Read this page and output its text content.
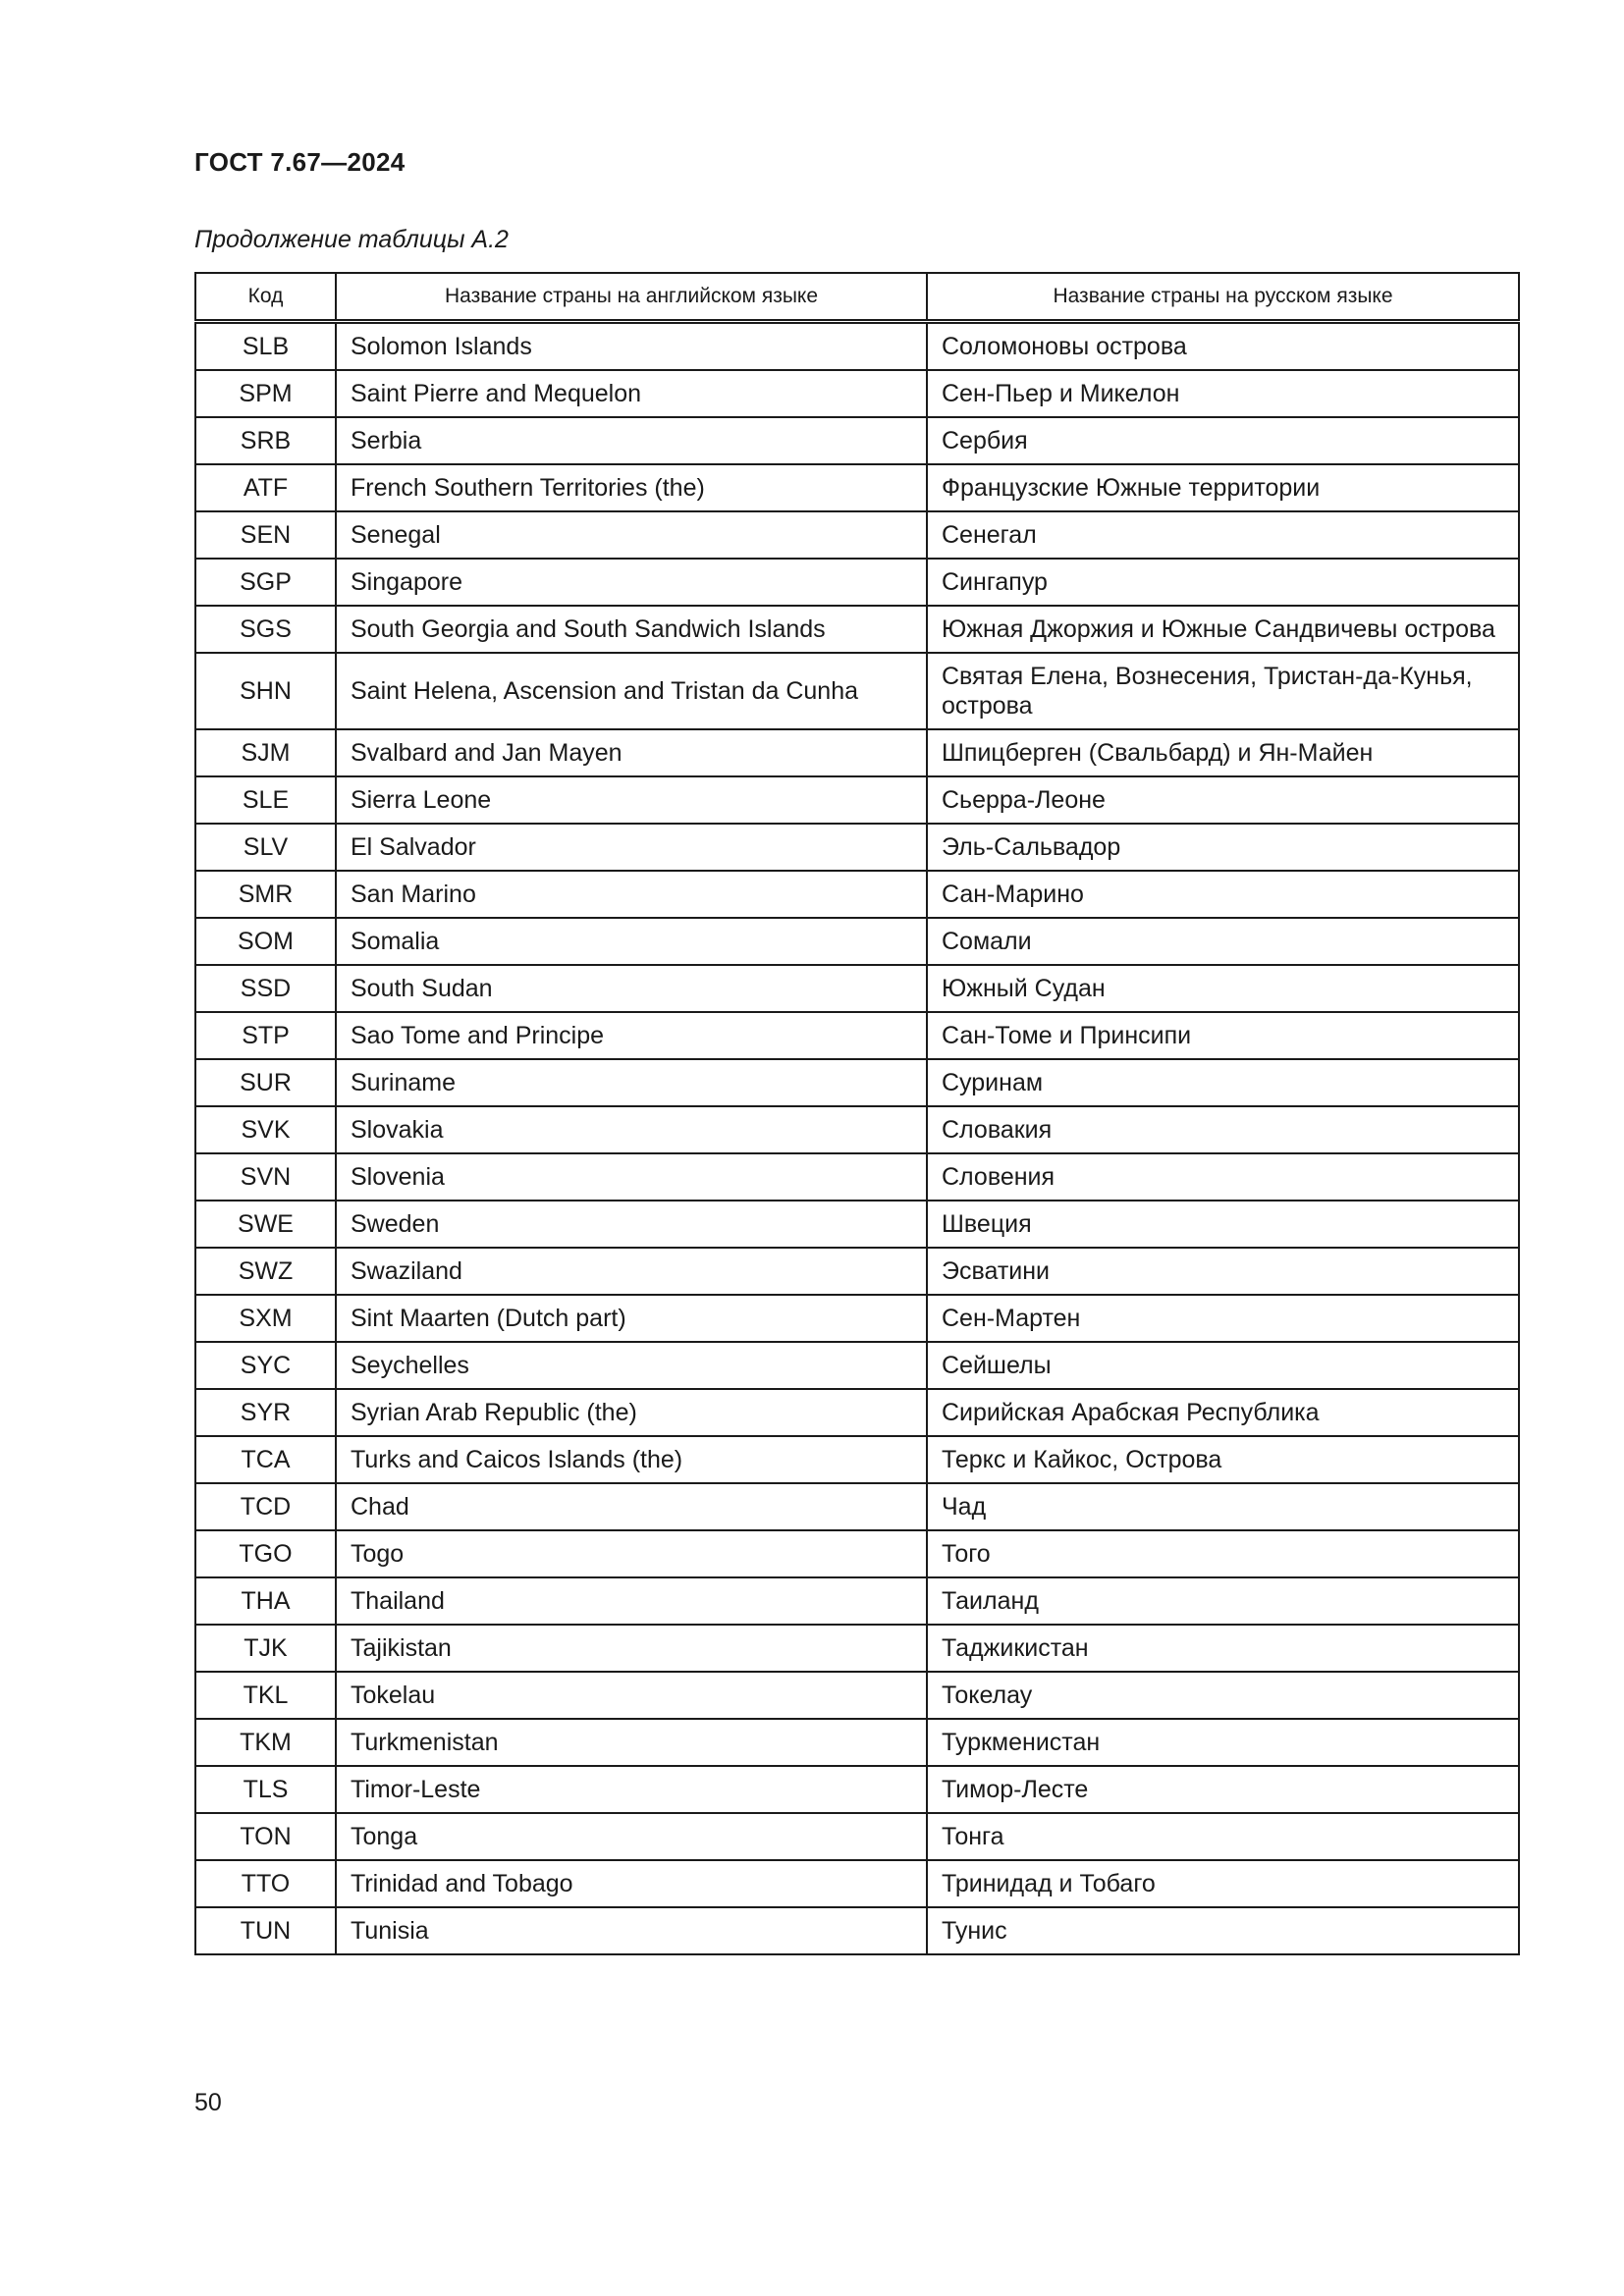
ГОСТ 7.67—2024
Продолжение таблицы А.2
Код	Название страны на английском языке	Название страны на русском языке
SLB	Solomon Islands	Соломоновы острова
SPM	Saint Pierre and Mequelon	Сен-Пьер и Микелон
SRB	Serbia	Сербия
ATF	French Southern Territories (the)	Французские Южные территории
SEN	Senegal	Сенегал
SGP	Singapore	Сингапур
SGS	South Georgia and South Sandwich Islands	Южная Джоржия и Южные Сандвичевы острова
SHN	Saint Helena, Ascension and Tristan da Cunha	Святая Елена, Вознесения, Тристан-да-Кунья, острова
SJM	Svalbard and Jan Mayen	Шпицберген (Свальбард) и Ян-Майен
SLE	Sierra Leone	Сьерра-Леоне
SLV	El Salvador	Эль-Сальвадор
SMR	San Marino	Сан-Марино
SOM	Somalia	Сомали
SSD	South Sudan	Южный Судан
STP	Sao Tome and Principe	Сан-Томе и Принсипи
SUR	Suriname	Суринам
SVK	Slovakia	Словакия
SVN	Slovenia	Словения
SWE	Sweden	Швеция
SWZ	Swaziland	Эсватини
SXM	Sint Maarten (Dutch part)	Сен-Мартен
SYC	Seychelles	Сейшелы
SYR	Syrian Arab Republic (the)	Сирийская Арабская Республика
TCA	Turks and Caicos Islands (the)	Теркс и Кайкос, Острова
TCD	Chad	Чад
TGO	Togo	Того
THA	Thailand	Таиланд
TJK	Tajikistan	Таджикистан
TKL	Tokelau	Токелау
TKM	Turkmenistan	Туркменистан
TLS	Timor-Leste	Тимор-Лесте
TON	Tonga	Тонга
TTO	Trinidad and Tobago	Тринидад и Тобаго
TUN	Tunisia	Тунис
50
